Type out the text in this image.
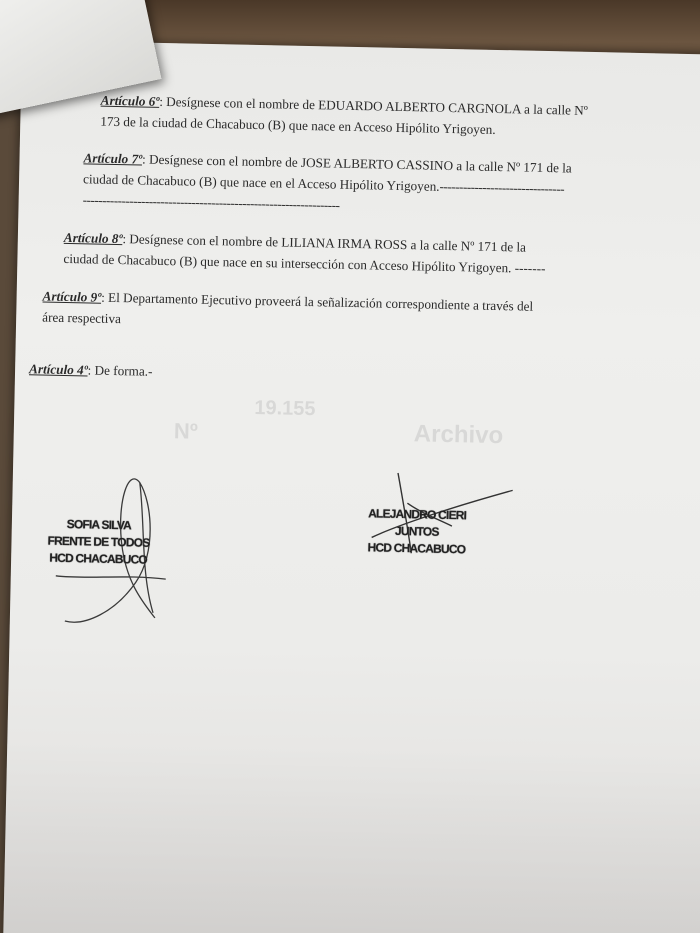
19.155
Nº	Archivo
Artículo 6º: Desígnese con el nombre de EDUARDO ALBERTO CARGNOLA a la calle Nº
173 de la ciudad de Chacabuco (B) que nace en Acceso Hipólito Yrigoyen.
Artículo 7º: Desígnese con el nombre de JOSE ALBERTO CASSINO a la calle Nº 171 de la
ciudad de Chacabuco (B) que nace en el Acceso Hipólito Yrigoyen.--------------------------------
------------------------------------------------------------------
Artículo 8º: Desígnese con el nombre de LILIANA IRMA ROSS a la calle Nº 171 de la
ciudad de Chacabuco (B) que nace en su intersección con Acceso Hipólito Yrigoyen. -------
Artículo 9º: El Departamento Ejecutivo proveerá la señalización correspondiente a través del
área respectiva
Artículo 4º: De forma.-
SOFIA SILVA
FRENTE DE TODOS
HCD CHACABUCO
ALEJANDRO CIERI
JUNTOS
HCD CHACABUCO
